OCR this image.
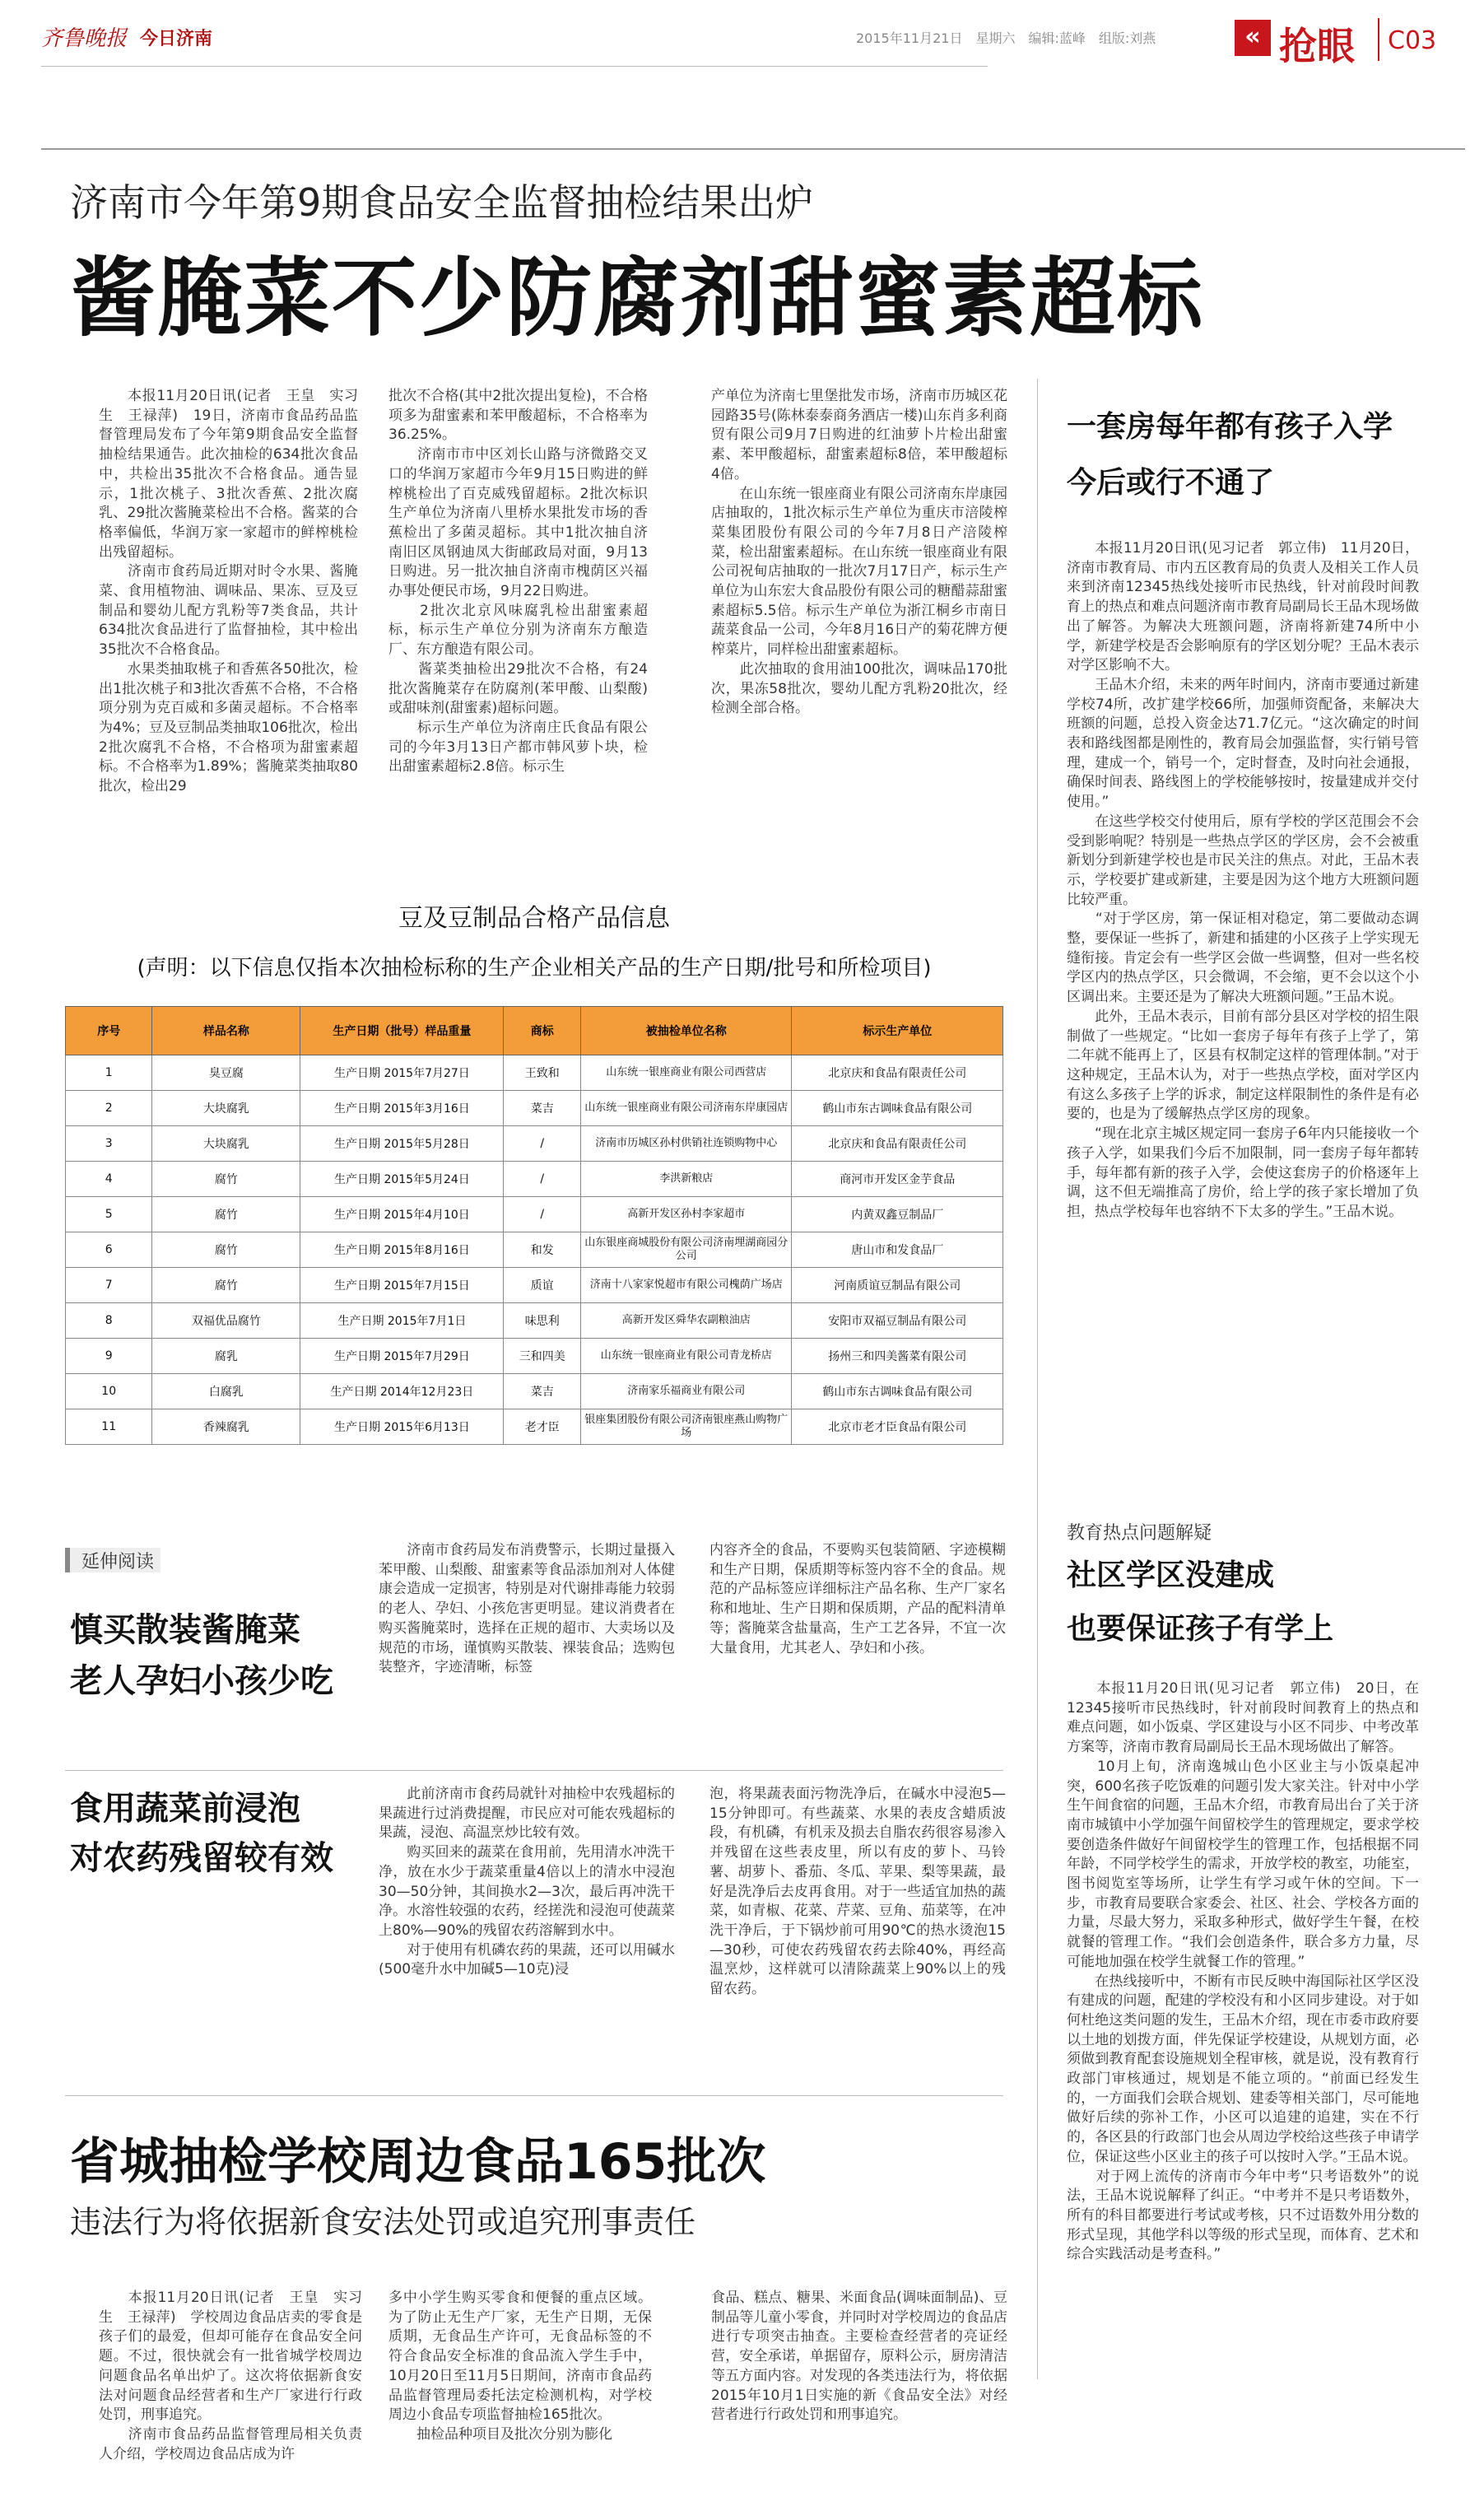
齐鲁晚报 今日济南	2015年11月21日　星期六　编辑:蓝峰　组版:刘燕	« 抢眼 C03
济南市今年第9期食品安全监督抽检结果出炉
酱腌菜不少防腐剂甜蜜素超标
　　本报11月20日讯(记者　王皇　实习生　王禄萍)　19日，济南市食品药品监督管理局发布了今年第9期食品安全监督抽检结果通告。此次抽检的634批次食品中，共检出35批次不合格食品。通告显示，1批次桃子、3批次香蕉、2批次腐乳、29批次酱腌菜检出不合格。酱菜的合格率偏低，华润万家一家超市的鲜榨桃检出残留超标。
　　济南市食药局近期对时令水果、酱腌菜、食用植物油、调味品、果冻、豆及豆制品和婴幼儿配方乳粉等7类食品，共计634批次食品进行了监督抽检，其中检出35批次不合格食品。
　　水果类抽取桃子和香蕉各50批次，检出1批次桃子和3批次香蕉不合格，不合格项分别为克百威和多菌灵超标。不合格率为4%；豆及豆制品类抽取106批次，检出2批次腐乳不合格，不合格项为甜蜜素超标。不合格率为1.89%；酱腌菜类抽取80批次，检出29
批次不合格(其中2批次提出复检)，不合格项多为甜蜜素和苯甲酸超标，不合格率为36.25%。
　　济南市市中区刘长山路与济微路交叉口的华润万家超市今年9月15日购进的鲜榨桃检出了百克威残留超标。2批次标识生产单位为济南八里桥水果批发市场的香蕉检出了多菌灵超标。其中1批次抽自济南旧区凤钢迪凤大街邮政局对面，9月13日购进。另一批次抽自济南市槐荫区兴福办事处便民市场，9月22日购进。
　　2批次北京风味腐乳检出甜蜜素超标，标示生产单位分别为济南东方酿造厂、东方酿造有限公司。
　　酱菜类抽检出29批次不合格，有24批次酱腌菜存在防腐剂(苯甲酸、山梨酸)或甜味剂(甜蜜素)超标问题。
　　标示生产单位为济南庄氏食品有限公司的今年3月13日产都市韩风萝卜块，检出甜蜜素超标2.8倍。标示生
产单位为济南七里堡批发市场，济南市历城区花园路35号(陈林泰泰商务酒店一楼)山东肖多利商贸有限公司9月7日购进的红油萝卜片检出甜蜜素、苯甲酸超标，甜蜜素超标8倍，苯甲酸超标4倍。
　　在山东统一银座商业有限公司济南东岸康园店抽取的，1批次标示生产单位为重庆市涪陵榨菜集团股份有限公司的今年7月8日产涪陵榨菜，检出甜蜜素超标。在山东统一银座商业有限公司祝甸店抽取的一批次7月17日产，标示生产单位为山东宏大食品股份有限公司的糖醋蒜甜蜜素超标5.5倍。标示生产单位为浙江桐乡市南日蔬菜食品一公司，今年8月16日产的菊花牌方便榨菜片，同样检出甜蜜素超标。
　　此次抽取的食用油100批次，调味品170批次，果冻58批次，婴幼儿配方乳粉20批次，经检测全部合格。
豆及豆制品合格产品信息
(声明：以下信息仅指本次抽检标称的生产企业相关产品的生产日期/批号和所检项目)
序号	样品名称	生产日期（批号）样品重量	商标	被抽检单位名称	标示生产单位
1	臭豆腐	生产日期 2015年7月27日	王致和	山东统一银座商业有限公司西营店	北京庆和食品有限责任公司
2	大块腐乳	生产日期 2015年3月16日	菜吉	山东统一银座商业有限公司济南东岸康园店	鹤山市东古调味食品有限公司
3	大块腐乳	生产日期 2015年5月28日	/	济南市历城区孙村供销社连锁购物中心	北京庆和食品有限责任公司
4	腐竹	生产日期 2015年5月24日	/	李洪新粮店	商河市开发区金芋食品
5	腐竹	生产日期 2015年4月10日	/	高新开发区孙村李家超市	内黄双鑫豆制品厂
6	腐竹	生产日期 2015年8月16日	和发	山东银座商城股份有限公司济南埋湖商园分公司	唐山市和发食品厂
7	腐竹	生产日期 2015年7月15日	质谊	济南十八家家悦超市有限公司槐荫广场店	河南质谊豆制品有限公司
8	双福优品腐竹	生产日期 2015年7月1日	味思利	高新开发区舜华农副粮油店	安阳市双福豆制品有限公司
9	腐乳	生产日期 2015年7月29日	三和四美	山东统一银座商业有限公司青龙桥店	扬州三和四美酱菜有限公司
10	白腐乳	生产日期 2014年12月23日	菜吉	济南家乐福商业有限公司	鹤山市东古调味食品有限公司
11	香辣腐乳	生产日期 2015年6月13日	老才臣	银座集团股份有限公司济南银座燕山购物广场	北京市老才臣食品有限公司
一套房每年都有孩子入学
今后或行不通了
　　本报11月20日讯(见习记者　郭立伟)　11月20日，济南市教育局、市内五区教育局的负责人及相关工作人员来到济南12345热线处接听市民热线，针对前段时间教育上的热点和难点问题济南市教育局副局长王品木现场做出了解答。为解决大班额问题，济南将新建74所中小学，新建学校是否会影响原有的学区划分呢？王品木表示对学区影响不大。
　　王品木介绍，未来的两年时间内，济南市要通过新建学校74所，改扩建学校66所，加强师资配备，来解决大班额的问题，总投入资金达71.7亿元。“这次确定的时间表和路线图都是刚性的，教育局会加强监督，实行销号管理，建成一个，销号一个，定时督查，及时向社会通报，确保时间表、路线图上的学校能够按时，按量建成并交付使用。”
　　在这些学校交付使用后，原有学校的学区范围会不会受到影响呢？特别是一些热点学区的学区房，会不会被重新划分到新建学校也是市民关注的焦点。对此，王品木表示，学校要扩建或新建，主要是因为这个地方大班额问题比较严重。
　　“对于学区房，第一保证相对稳定，第二要做动态调整，要保证一些拆了，新建和插建的小区孩子上学实现无缝衔接。肯定会有一些学区会做一些调整，但对一些名校学区内的热点学区，只会微调，不会缩，更不会以这个小区调出来。主要还是为了解决大班额问题。”王品木说。
　　此外，王品木表示，目前有部分县区对学校的招生限制做了一些规定。“比如一套房子每年有孩子上学了，第二年就不能再上了，区县有权制定这样的管理体制。”对于这种规定，王品木认为，对于一些热点学校，面对学区内有这么多孩子上学的诉求，制定这样限制性的条件是有必要的，也是为了缓解热点学区房的现象。
　　“现在北京主城区规定同一套房子6年内只能接收一个孩子入学，如果我们今后不加限制，同一套房子每年都转手，每年都有新的孩子入学，会使这套房子的价格逐年上调，这不但无端推高了房价，给上学的孩子家长增加了负担，热点学校每年也容纳不下太多的学生。”王品木说。
教育热点问题解疑
社区学区没建成
也要保证孩子有学上
　　本报11月20日讯(见习记者　郭立伟)　20日，在12345接听市民热线时，针对前段时间教育上的热点和难点问题，如小饭桌、学区建设与小区不同步、中考改革方案等，济南市教育局副局长王品木现场做出了解答。
　　10月上旬，济南逸城山色小区业主与小饭桌起冲突，600名孩子吃饭难的问题引发大家关注。针对中小学生午间食宿的问题，王品木介绍，市教育局出台了关于济南市城镇中小学加强午间留校学生的管理规定，要求学校要创造条件做好午间留校学生的管理工作，包括根据不同年龄，不同学校学生的需求，开放学校的教室，功能室，图书阅览室等场所，让学生有学习或午休的空间。下一步，市教育局要联合家委会、社区、社会、学校各方面的力量，尽最大努力，采取多种形式，做好学生午餐，在校就餐的管理工作。“我们会创造条件，联合多方力量，尽可能地加强在校学生就餐工作的管理。”
　　在热线接听中，不断有市民反映中海国际社区学区没有建成的问题，配建的学校没有和小区同步建设。对于如何杜绝这类问题的发生，王品木介绍，现在市委市政府要以土地的划拨方面，伴先保证学校建设，从规划方面，必须做到教育配套设施规划全程审核，就是说，没有教育行政部门审核通过，规划是不能立项的。“前面已经发生的，一方面我们会联合规划、建委等相关部门，尽可能地做好后续的弥补工作，小区可以追建的追建，实在不行的，各区县的行政部门也会从周边学校给这些孩子申请学位，保证这些小区业主的孩子可以按时入学。”王品木说。
　　对于网上流传的济南市今年中考“只考语数外”的说法，王品木说说解释了纠正。“中考并不是只考语数外，所有的科目都要进行考试或考核，只不过语数外用分数的形式呈现，其他学科以等级的形式呈现，而体育、艺术和综合实践活动是考查科。”
延伸阅读
慎买散装酱腌菜
老人孕妇小孩少吃
　　济南市食药局发布消费警示，长期过量摄入苯甲酸、山梨酸、甜蜜素等食品添加剂对人体健康会造成一定损害，特别是对代谢排毒能力较弱的老人、孕妇、小孩危害更明显。建议消费者在购买酱腌菜时，选择在正规的超市、大卖场以及规范的市场，谨慎购买散装、裸装食品；选购包装整齐，字迹清晰，标签
内容齐全的食品，不要购买包装简陋、字迹模糊和生产日期，保质期等标签内容不全的食品。规范的产品标签应详细标注产品名称、生产厂家名称和地址、生产日期和保质期，产品的配料清单等；酱腌菜含盐量高，生产工艺各异，不宜一次大量食用，尤其老人、孕妇和小孩。
食用蔬菜前浸泡
对农药残留较有效
　　此前济南市食药局就针对抽检中农残超标的果蔬进行过消费提醒，市民应对可能农残超标的果蔬，浸泡、高温烹炒比较有效。
　　购买回来的蔬菜在食用前，先用清水冲洗干净，放在水少于蔬菜重量4倍以上的清水中浸泡30—50分钟，其间换水2—3次，最后再冲洗干净。水溶性较强的农药，经搓洗和浸泡可使蔬菜上80%—90%的残留农药溶解到水中。
　　对于使用有机磷农药的果蔬，还可以用碱水(500毫升水中加碱5—10克)浸
泡，将果蔬表面污物洗净后，在碱水中浸泡5—15分钟即可。有些蔬菜、水果的表皮含蜡质波段，有机磷，有机汞及损去自脂农药很容易渗入并残留在这些表皮里，所以有皮的萝卜、马铃薯、胡萝卜、番茄、冬瓜、苹果、梨等果蔬，最好是洗净后去皮再食用。对于一些适宜加热的蔬菜，如青椒、花菜、芹菜、豆角、茄菜等，在冲洗干净后，于下锅炒前可用90℃的热水烫泡15—30秒，可使农药残留农药去除40%，再经高温烹炒，这样就可以清除蔬菜上90%以上的残留农药。
省城抽检学校周边食品165批次
违法行为将依据新食安法处罚或追究刑事责任
　　本报11月20日讯(记者　王皇　实习生　王禄萍)　学校周边食品店卖的零食是孩子们的最爱，但却可能存在食品安全问题。不过，很快就会有一批省城学校周边问题食品名单出炉了。这次将依据新食安法对问题食品经营者和生产厂家进行行政处罚，刑事追究。
　　济南市食品药品监督管理局相关负责人介绍，学校周边食品店成为许
多中小学生购买零食和便餐的重点区域。为了防止无生产厂家，无生产日期，无保质期，无食品生产许可，无食品标签的不符合食品安全标准的食品流入学生手中，10月20日至11月5日期间，济南市食品药品监督管理局委托法定检测机构，对学校周边小食品专项监督抽检165批次。
　　抽检品种项目及批次分别为膨化
食品、糕点、糖果、米面食品(调味面制品)、豆制品等儿童小零食，并同时对学校周边的食品店进行专项突击抽查。主要检查经营者的亮证经营，安全承诺，单据留存，原料公示，厨房清洁等五方面内容。对发现的各类违法行为，将依据2015年10月1日实施的新《食品安全法》对经营者进行行政处罚和刑事追究。
